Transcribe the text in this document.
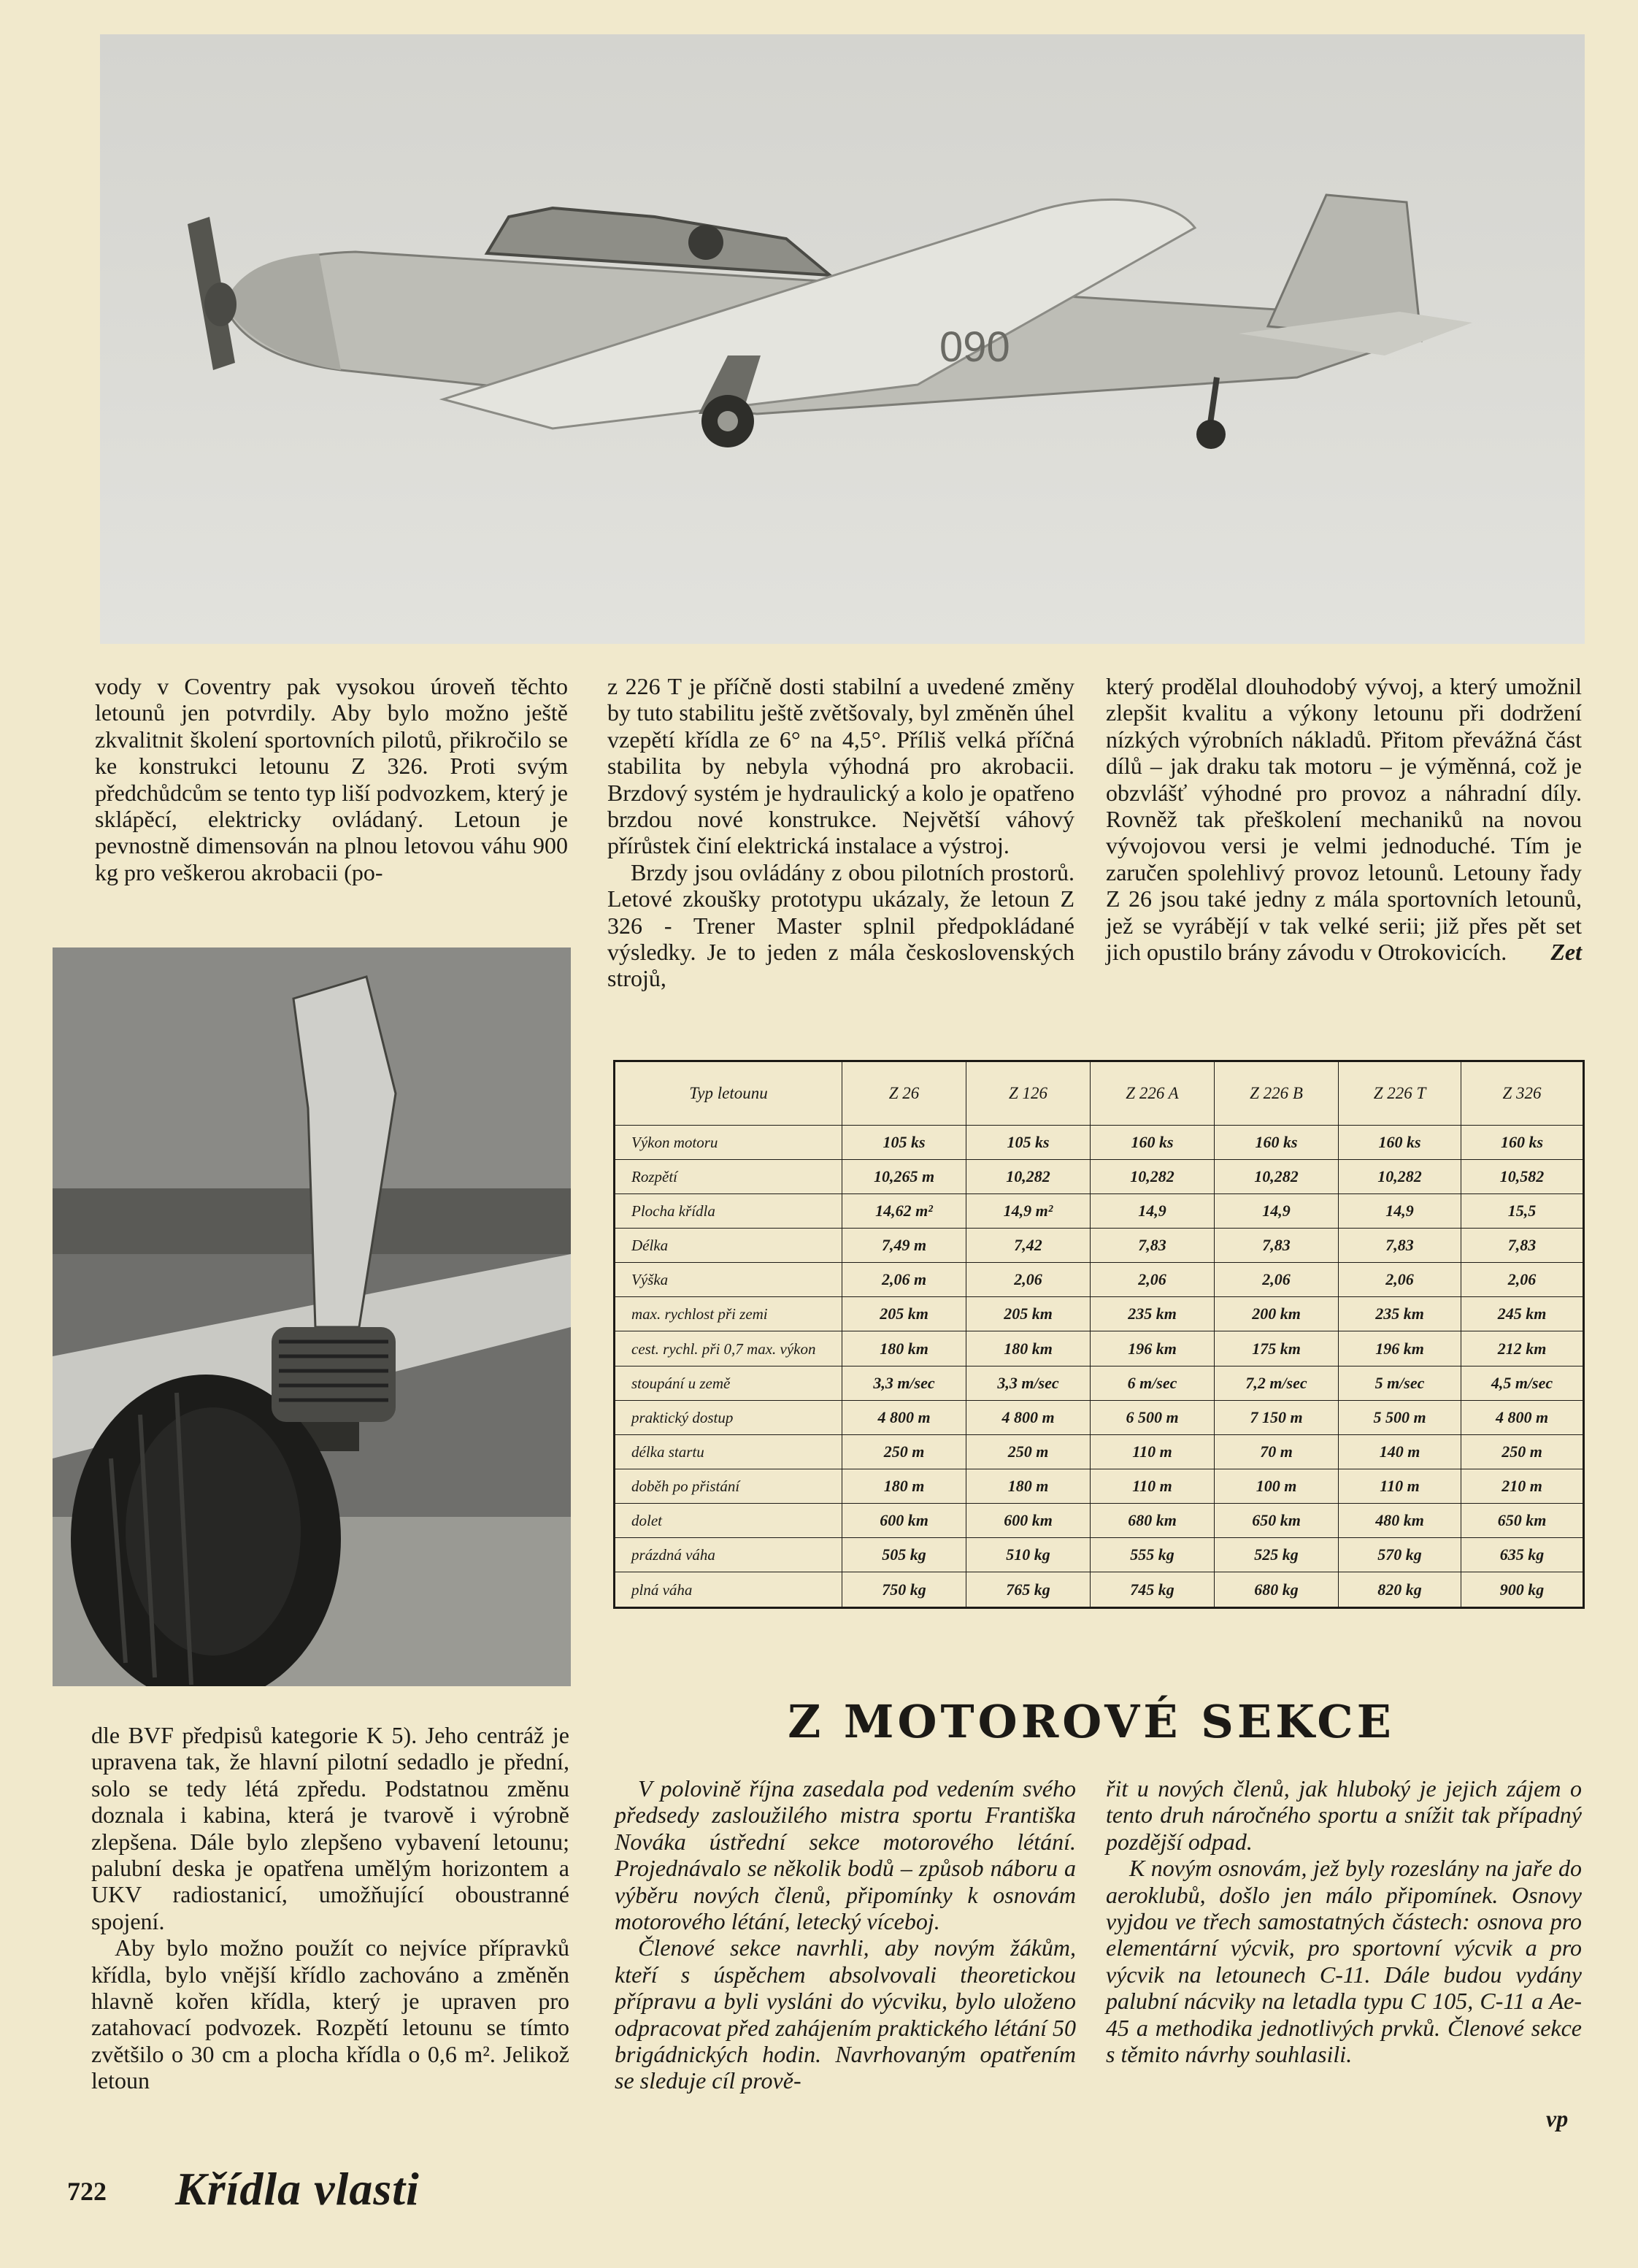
090

vody v Coventry pak vysokou úroveň těchto letounů jen potvrdily. Aby bylo možno ještě zkvalitnit školení sportovních pilotů, přikročilo se ke konstrukci letounu Z 326. Proti svým předchůdcům se tento typ liší podvozkem, který je sklápěcí, elektricky ovládaný. Letoun je pevnostně dimensován na plnou letovou váhu 900 kg pro veškerou akrobacii (po-

z 226 T je příčně dosti stabilní a uvedené změny by tuto stabilitu ještě zvětšovaly, byl změněn úhel vzepětí křídla ze 6° na 4,5°. Příliš velká příčná stabilita by nebyla výhodná pro akrobacii. Brzdový systém je hydraulický a kolo je opatřeno brzdou nové konstrukce. Největší váhový přírůstek činí elektrická instalace a výstroj.

Brzdy jsou ovládány z obou pilotních prostorů. Letové zkoušky prototypu ukázaly, že letoun Z 326 - Trener Master splnil předpokládané výsledky. Je to jeden z mála československých strojů,

který prodělal dlouhodobý vývoj, a který umožnil zlepšit kvalitu a výkony letounu při dodržení nízkých výrobních nákladů. Přitom převážná část dílů – jak draku tak motoru – je výměnná, což je obzvlášť výhodné pro provoz a náhradní díly. Rovněž tak přeškolení mechaniků na novou vývojovou versi je velmi jednoduché. Tím je zaručen spolehlivý provoz letounů. Letouny řady Z 26 jsou také jedny z mála sportovních letounů, jež se vyrábějí v tak velké serii; již přes pět set jich opustilo brány závodu v Otrokovicích. Zet

dle BVF předpisů kategorie K 5). Jeho centráž je upravena tak, že hlavní pilotní sedadlo je přední, solo se tedy létá zpředu. Podstatnou změnu doznala i kabina, která je tvarově i výrobně zlepšena. Dále bylo zlepšeno vybavení letounu; palubní deska je opatřena umělým horizontem a UKV radiostanicí, umožňující oboustranné spojení.

Aby bylo možno použít co nejvíce přípravků křídla, bylo vnější křídlo zachováno a změněn hlavně kořen křídla, který je upraven pro zatahovací podvozek. Rozpětí letounu se tímto zvětšilo o 30 cm a plocha křídla o 0,6 m². Jelikož letoun

Typ letounu	Z 26	Z 126	Z 226 A	Z 226 B	Z 226 T	Z 326
Výkon motoru	105 ks	105 ks	160 ks	160 ks	160 ks	160 ks
Rozpětí	10,265 m	10,282	10,282	10,282	10,282	10,582
Plocha křídla	14,62 m²	14,9 m²	14,9	14,9	14,9	15,5
Délka	7,49 m	7,42	7,83	7,83	7,83	7,83
Výška	2,06 m	2,06	2,06	2,06	2,06	2,06
max. rychlost při zemi	205 km	205 km	235 km	200 km	235 km	245 km
cest. rychl. při 0,7 max. výkon	180 km	180 km	196 km	175 km	196 km	212 km
stoupání u země	3,3 m/sec	3,3 m/sec	6 m/sec	7,2 m/sec	5 m/sec	4,5 m/sec
praktický dostup	4 800 m	4 800 m	6 500 m	7 150 m	5 500 m	4 800 m
délka startu	250 m	250 m	110 m	70 m	140 m	250 m
doběh po přistání	180 m	180 m	110 m	100 m	110 m	210 m
dolet	600 km	600 km	680 km	650 km	480 km	650 km
prázdná váha	505 kg	510 kg	555 kg	525 kg	570 kg	635 kg
plná váha	750 kg	765 kg	745 kg	680 kg	820 kg	900 kg
Z MOTOROVÉ SEKCE

V polovině října zasedala pod vedením svého předsedy zasloužilého mistra sportu Františka Nováka ústřední sekce motorového létání. Projednávalo se několik bodů – způsob náboru a výběru nových členů, připomínky k osnovám motorového létání, letecký víceboj.

Členové sekce navrhli, aby novým žákům, kteří s úspěchem absolvovali theoretickou přípravu a byli vysláni do výcviku, bylo uloženo odpracovat před zahájením praktického létání 50 brigádnických hodin. Navrhovaným opatřením se sleduje cíl prově-

řit u nových členů, jak hluboký je jejich zájem o tento druh náročného sportu a snížit tak případný pozdější odpad.

K novým osnovám, jež byly rozeslány na jaře do aeroklubů, došlo jen málo připomínek. Osnovy vyjdou ve třech samostatných částech: osnova pro elementární výcvik, pro sportovní výcvik a pro výcvik na letounech C-11. Dále budou vydány palubní nácviky na letadla typu C 105, C-11 a Ae-45 a methodika jednotlivých prvků. Členové sekce s těmito návrhy souhlasili.

vp
722 Křídla vlasti
